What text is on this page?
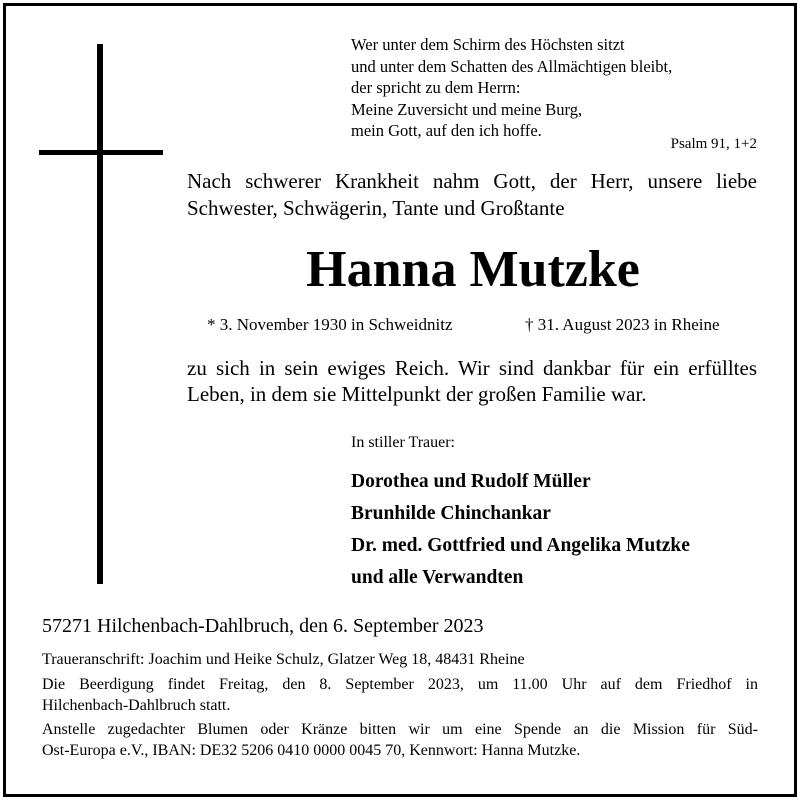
Wer unter dem Schirm des Höchsten sitzt
und unter dem Schatten des Allmächtigen bleibt,
der spricht zu dem Herrn:
Meine Zuversicht und meine Burg,
mein Gott, auf den ich hoffe.
Psalm 91, 1+2
Nach schwerer Krankheit nahm Gott, der Herr, unsere liebe
Schwester, Schwägerin, Tante und Großtante
Hanna Mutzke
* 3. November 1930 in Schweidnitz	† 31. August 2023 in Rheine
zu sich in sein ewiges Reich. Wir sind dankbar für ein erfülltes
Leben, in dem sie Mittelpunkt der großen Familie war.
In stiller Trauer:
Dorothea und Rudolf Müller
Brunhilde Chinchankar
Dr. med. Gottfried und Angelika Mutzke
und alle Verwandten
57271 Hilchenbach-Dahlbruch, den 6. September 2023
Traueranschrift: Joachim und Heike Schulz, Glatzer Weg 18, 48431 Rheine
Die Beerdigung findet Freitag, den 8. September 2023, um 11.00 Uhr auf dem Friedhof in
Hilchenbach-Dahlbruch statt.
Anstelle zugedachter Blumen oder Kränze bitten wir um eine Spende an die Mission für Süd-
Ost-Europa e.V., IBAN: DE32 5206 0410 0000 0045 70, Kennwort: Hanna Mutzke.
